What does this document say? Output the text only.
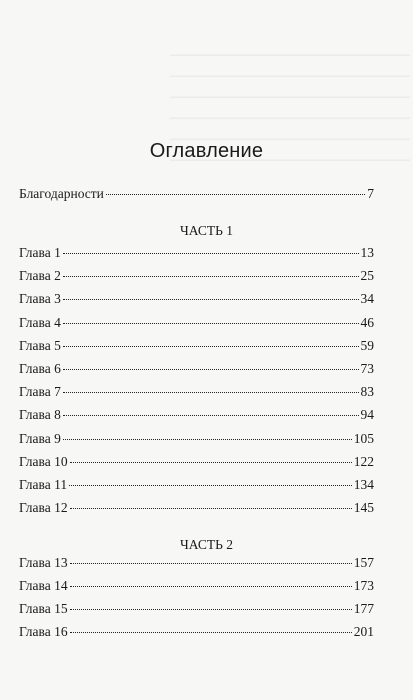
————————————————————————
————————————————————————
————————————————————————
————————————————————————
————————————————————————
————————————————————————
Оглавление
Благодарности	7
ЧАСТЬ 1
Глава 1	13
Глава 2	25
Глава 3	34
Глава 4	46
Глава 5	59
Глава 6	73
Глава 7	83
Глава 8	94
Глава 9	105
Глава 10	122
Глава 11	134
Глава 12	145
ЧАСТЬ 2
Глава 13	157
Глава 14	173
Глава 15	177
Глава 16	201
